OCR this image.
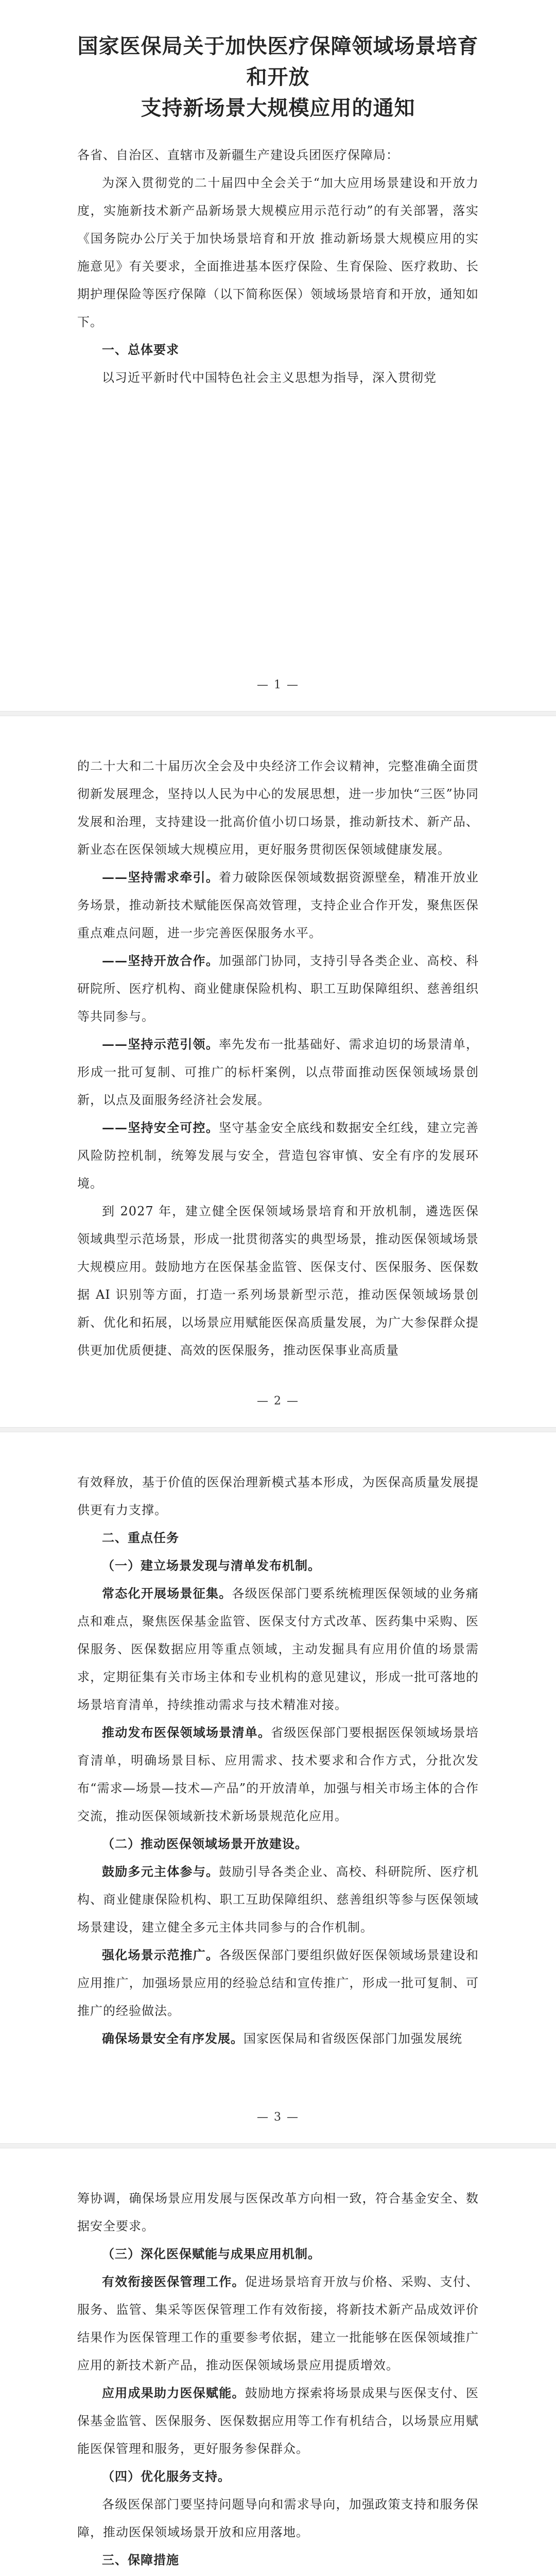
国家医保局关于加快医疗保障领域场景培育和开放
支持新场景大规模应用的通知

各省、自治区、直辖市及新疆生产建设兵团医疗保障局：

为深入贯彻党的二十届四中全会关于“加大应用场景建设和开放力度，实施新技术新产品新场景大规模应用示范行动”的有关部署，落实《国务院办公厅关于加快场景培育和开放 推动新场景大规模应用的实施意见》有关要求，全面推进基本医疗保险、生育保险、医疗救助、长期护理保险等医疗保障（以下简称医保）领域场景培育和开放，通知如下。

一、总体要求

以习近平新时代中国特色社会主义思想为指导，深入贯彻党

— 1 —

的二十大和二十届历次全会及中央经济工作会议精神，完整准确全面贯彻新发展理念，坚持以人民为中心的发展思想，进一步加快“三医”协同发展和治理，支持建设一批高价值小切口场景，推动新技术、新产品、新业态在医保领域大规模应用，更好服务贯彻医保领域健康发展。

——坚持需求牵引。着力破除医保领域数据资源壁垒，精准开放业务场景，推动新技术赋能医保高效管理，支持企业合作开发，聚焦医保重点难点问题，进一步完善医保服务水平。

——坚持开放合作。加强部门协同，支持引导各类企业、高校、科研院所、医疗机构、商业健康保险机构、职工互助保障组织、慈善组织等共同参与。

——坚持示范引领。率先发布一批基础好、需求迫切的场景清单，形成一批可复制、可推广的标杆案例，以点带面推动医保领域场景创新，以点及面服务经济社会发展。

——坚持安全可控。坚守基金安全底线和数据安全红线，建立完善风险防控机制，统筹发展与安全，营造包容审慎、安全有序的发展环境。

到 2027 年，建立健全医保领域场景培育和开放机制，遴选医保领域典型示范场景，形成一批贯彻落实的典型场景，推动医保领域场景大规模应用。鼓励地方在医保基金监管、医保支付、医保服务、医保数据 AI 识别等方面，打造一系列场景新型示范，推动医保领域场景创新、优化和拓展，以场景应用赋能医保高质量发展，为广大参保群众提供更加优质便捷、高效的医保服务，推动医保事业高质量

— 2 —

有效释放，基于价值的医保治理新模式基本形成，为医保高质量发展提供更有力支撑。

二、重点任务

（一）建立场景发现与清单发布机制。

常态化开展场景征集。各级医保部门要系统梳理医保领域的业务痛点和难点，聚焦医保基金监管、医保支付方式改革、医药集中采购、医保服务、医保数据应用等重点领域，主动发掘具有应用价值的场景需求，定期征集有关市场主体和专业机构的意见建议，形成一批可落地的场景培育清单，持续推动需求与技术精准对接。

推动发布医保领域场景清单。省级医保部门要根据医保领域场景培育清单，明确场景目标、应用需求、技术要求和合作方式，分批次发布“需求—场景—技术—产品”的开放清单，加强与相关市场主体的合作交流，推动医保领域新技术新场景规范化应用。

（二）推动医保领域场景开放建设。

鼓励多元主体参与。鼓励引导各类企业、高校、科研院所、医疗机构、商业健康保险机构、职工互助保障组织、慈善组织等参与医保领域场景建设，建立健全多元主体共同参与的合作机制。

强化场景示范推广。各级医保部门要组织做好医保领域场景建设和应用推广，加强场景应用的经验总结和宣传推广，形成一批可复制、可推广的经验做法。

确保场景安全有序发展。国家医保局和省级医保部门加强发展统

— 3 —

筹协调，确保场景应用发展与医保改革方向相一致，符合基金安全、数据安全要求。

（三）深化医保赋能与成果应用机制。

有效衔接医保管理工作。促进场景培育开放与价格、采购、支付、服务、监管、集采等医保管理工作有效衔接，将新技术新产品成效评价结果作为医保管理工作的重要参考依据，建立一批能够在医保领域推广应用的新技术新产品，推动医保领域场景应用提质增效。

应用成果助力医保赋能。鼓励地方探索将场景成果与医保支付、医保基金监管、医保服务、医保数据应用等工作有机结合，以场景应用赋能医保管理和服务，更好服务参保群众。

（四）优化服务支持。

各级医保部门要坚持问题导向和需求导向，加强政策支持和服务保障，推动医保领域场景开放和应用落地。

三、保障措施
